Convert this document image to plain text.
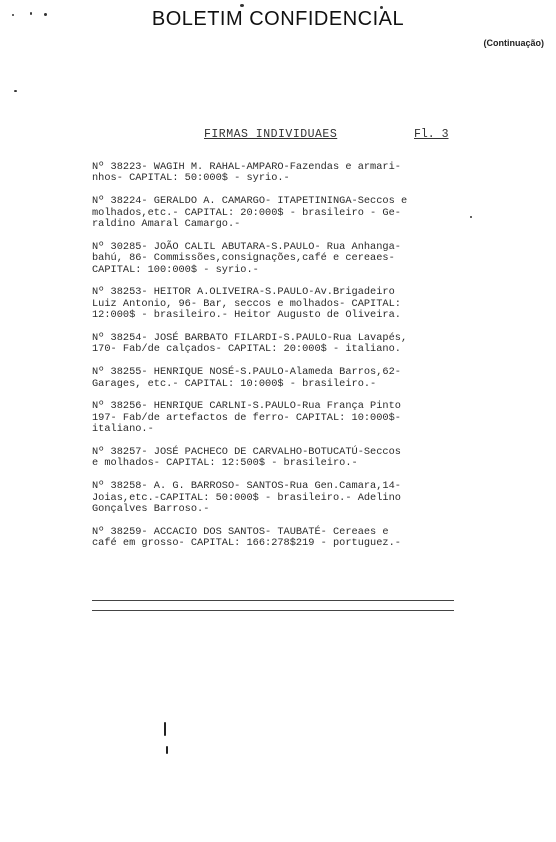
BOLETIM CONFIDENCIAL
(Continuação)
FIRMAS INDIVIDUAES	Fl. 3
Nº 38223- WAGIH M. RAHAL-AMPARO-Fazendas e armari-
nhos- CAPITAL: 50:000$ - syrio.-
Nº 38224- GERALDO A. CAMARGO- ITAPETININGA-Seccos e
molhados,etc.- CAPITAL: 20:000$ - brasileiro - Ge-
raldino Amaral Camargo.-
Nº 30285- JOÃO CALIL ABUTARA-S.PAULO- Rua Anhanga-
bahú, 86- Commissões,consignações,café e cereaes-
CAPITAL: 100:000$ - syrio.-
Nº 38253- HEITOR A.OLIVEIRA-S.PAULO-Av.Brigadeiro
Luiz Antonio, 96- Bar, seccos e molhados- CAPITAL:
12:000$ - brasileiro.- Heitor Augusto de Oliveira.
Nº 38254- JOSÉ BARBATO FILARDI-S.PAULO-Rua Lavapés,
170- Fab/de calçados- CAPITAL: 20:000$ - italiano.
Nº 38255- HENRIQUE NOSÉ-S.PAULO-Alameda Barros,62-
Garages, etc.- CAPITAL: 10:000$ - brasileiro.-
Nº 38256- HENRIQUE CARLNI-S.PAULO-Rua França Pinto
197- Fab/de artefactos de ferro- CAPITAL: 10:000$-
italiano.-
Nº 38257- JOSÉ PACHECO DE CARVALHO-BOTUCATÚ-Seccos
e molhados- CAPITAL: 12:500$ - brasileiro.-
Nº 38258- A. G. BARROSO- SANTOS-Rua Gen.Camara,14-
Joias,etc.-CAPITAL: 50:000$ - brasileiro.- Adelino
Gonçalves Barroso.-
Nº 38259- ACCACIO DOS SANTOS- TAUBATÉ- Cereaes e
café em grosso- CAPITAL: 166:278$219 - portuguez.-
